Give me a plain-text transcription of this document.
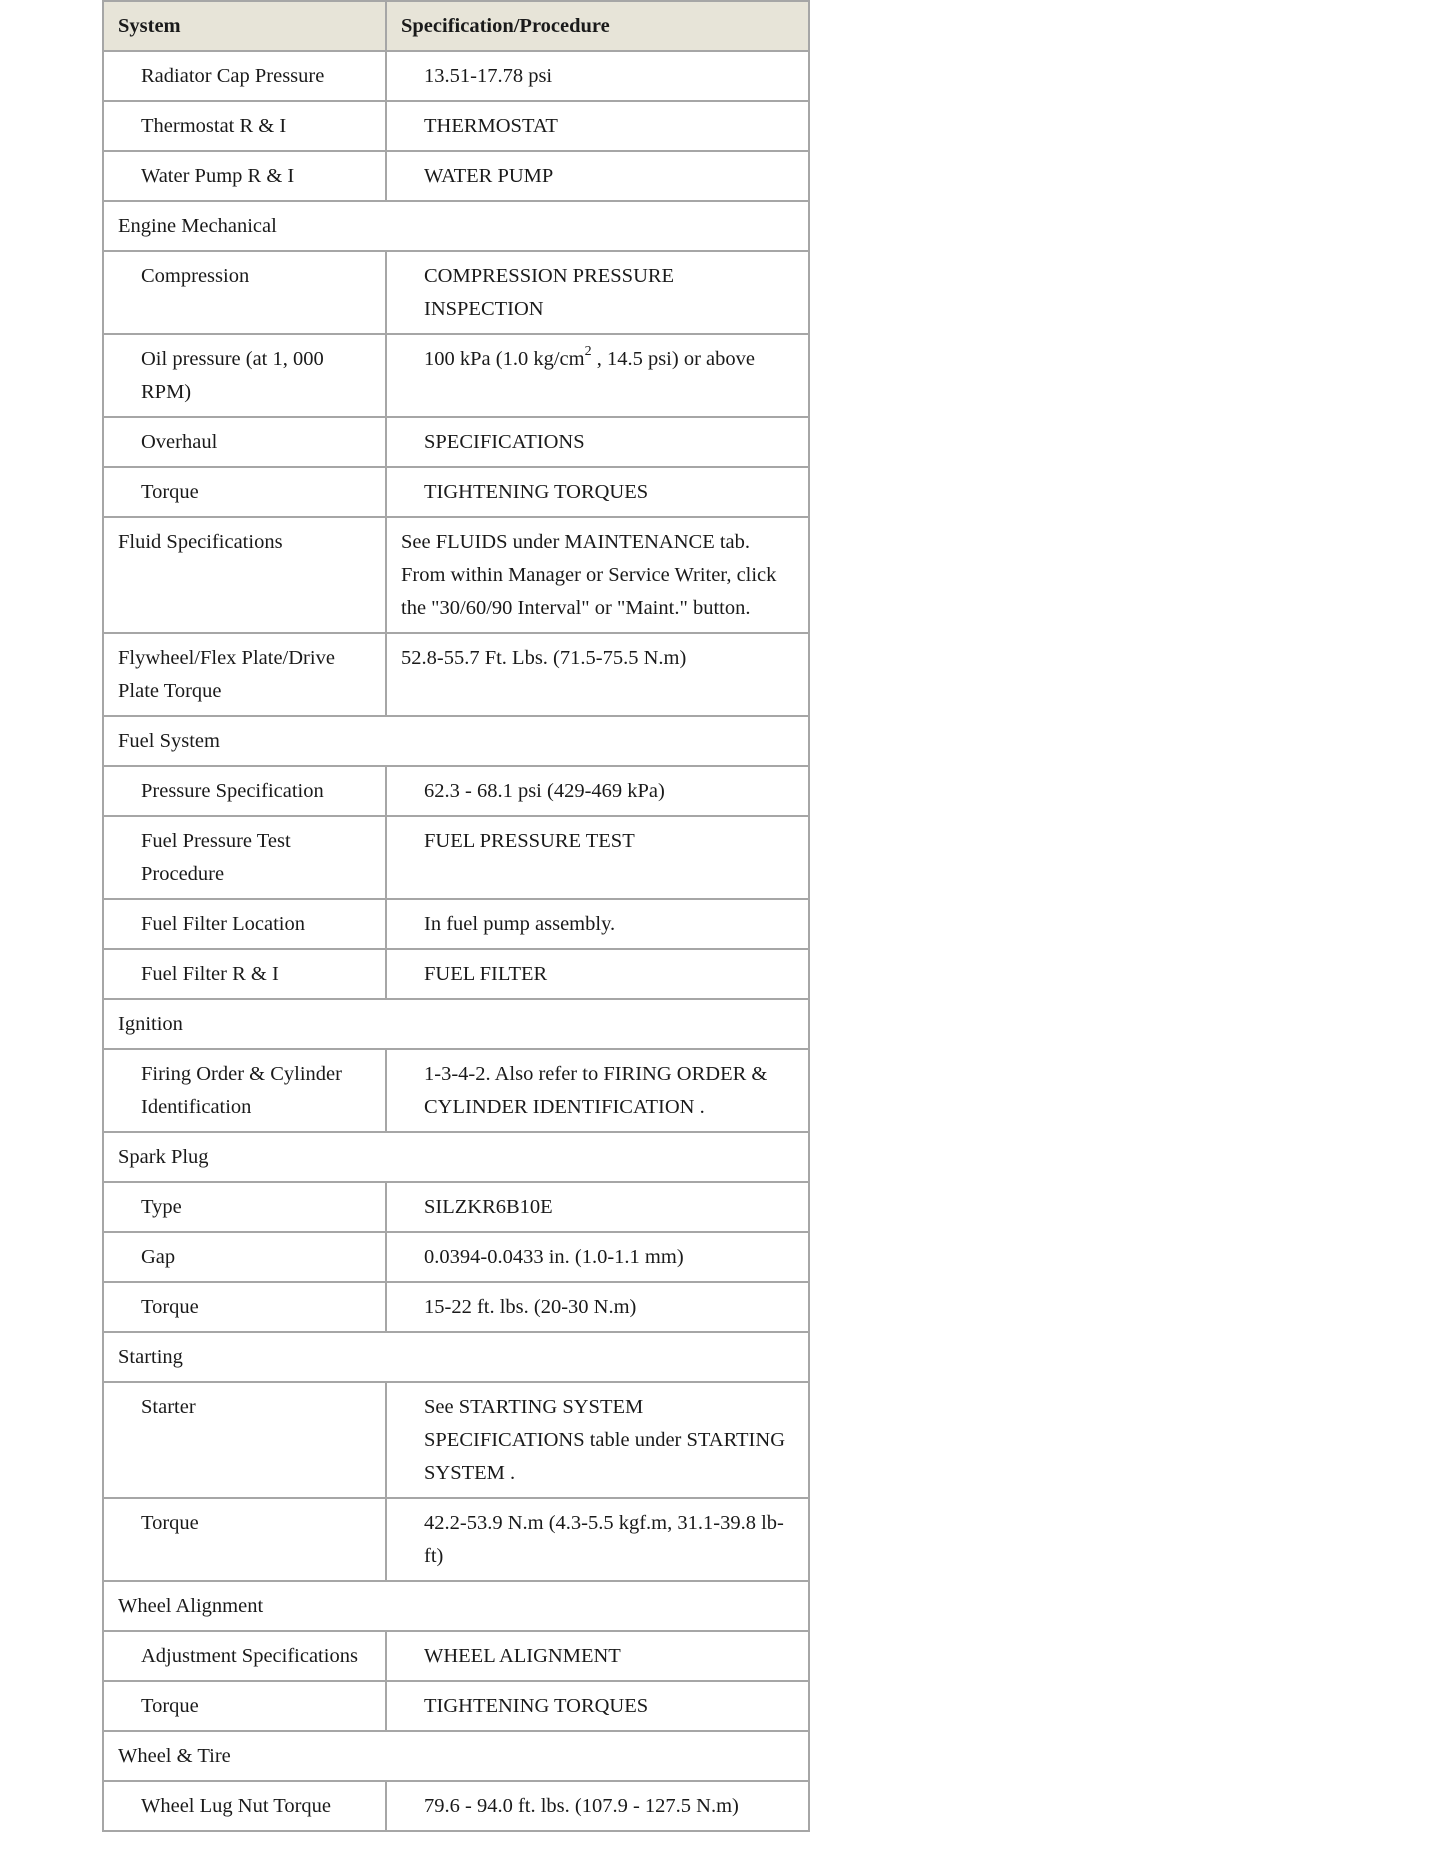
System	Specification/Procedure
Radiator Cap Pressure	13.51-17.78 psi
Thermostat R & I	THERMOSTAT
Water Pump R & I	WATER PUMP
Engine Mechanical	
Compression	COMPRESSION PRESSURE INSPECTION
Oil pressure (at 1, 000 RPM)	100 kPa (1.0 $kg/cm^2$ , 14.5 psi) or above
Overhaul	SPECIFICATIONS
Torque	TIGHTENING TORQUES
Fluid Specifications	See FLUIDS under MAINTENANCE tab. From within Manager or Service Writer, click the "30/60/90 Interval" or "Maint." button.
Flywheel/Flex Plate/Drive Plate Torque	52.8-55.7 Ft. Lbs. (71.5-75.5 N.m)
Fuel System	
Pressure Specification	62.3 - 68.1 psi (429-469 kPa)
Fuel Pressure Test Procedure	FUEL PRESSURE TEST
Fuel Filter Location	In fuel pump assembly.
Fuel Filter R & I	FUEL FILTER
Ignition	
Firing Order & Cylinder Identification	1-3-4-2. Also refer to FIRING ORDER & CYLINDER IDENTIFICATION .
Spark Plug	
Type	SILZKR6B10E
Gap	0.0394-0.0433 in. (1.0-1.1 mm)
Torque	15-22 ft. lbs. (20-30 N.m)
Starting	
Starter	See STARTING SYSTEM SPECIFICATIONS table under STARTING SYSTEM .
Torque	42.2-53.9 N.m (4.3-5.5 kgf.m, 31.1-39.8 lb-ft)
Wheel Alignment	
Adjustment Specifications	WHEEL ALIGNMENT
Torque	TIGHTENING TORQUES
Wheel & Tire	
Wheel Lug Nut Torque	79.6 - 94.0 ft. lbs. (107.9 - 127.5 N.m)
